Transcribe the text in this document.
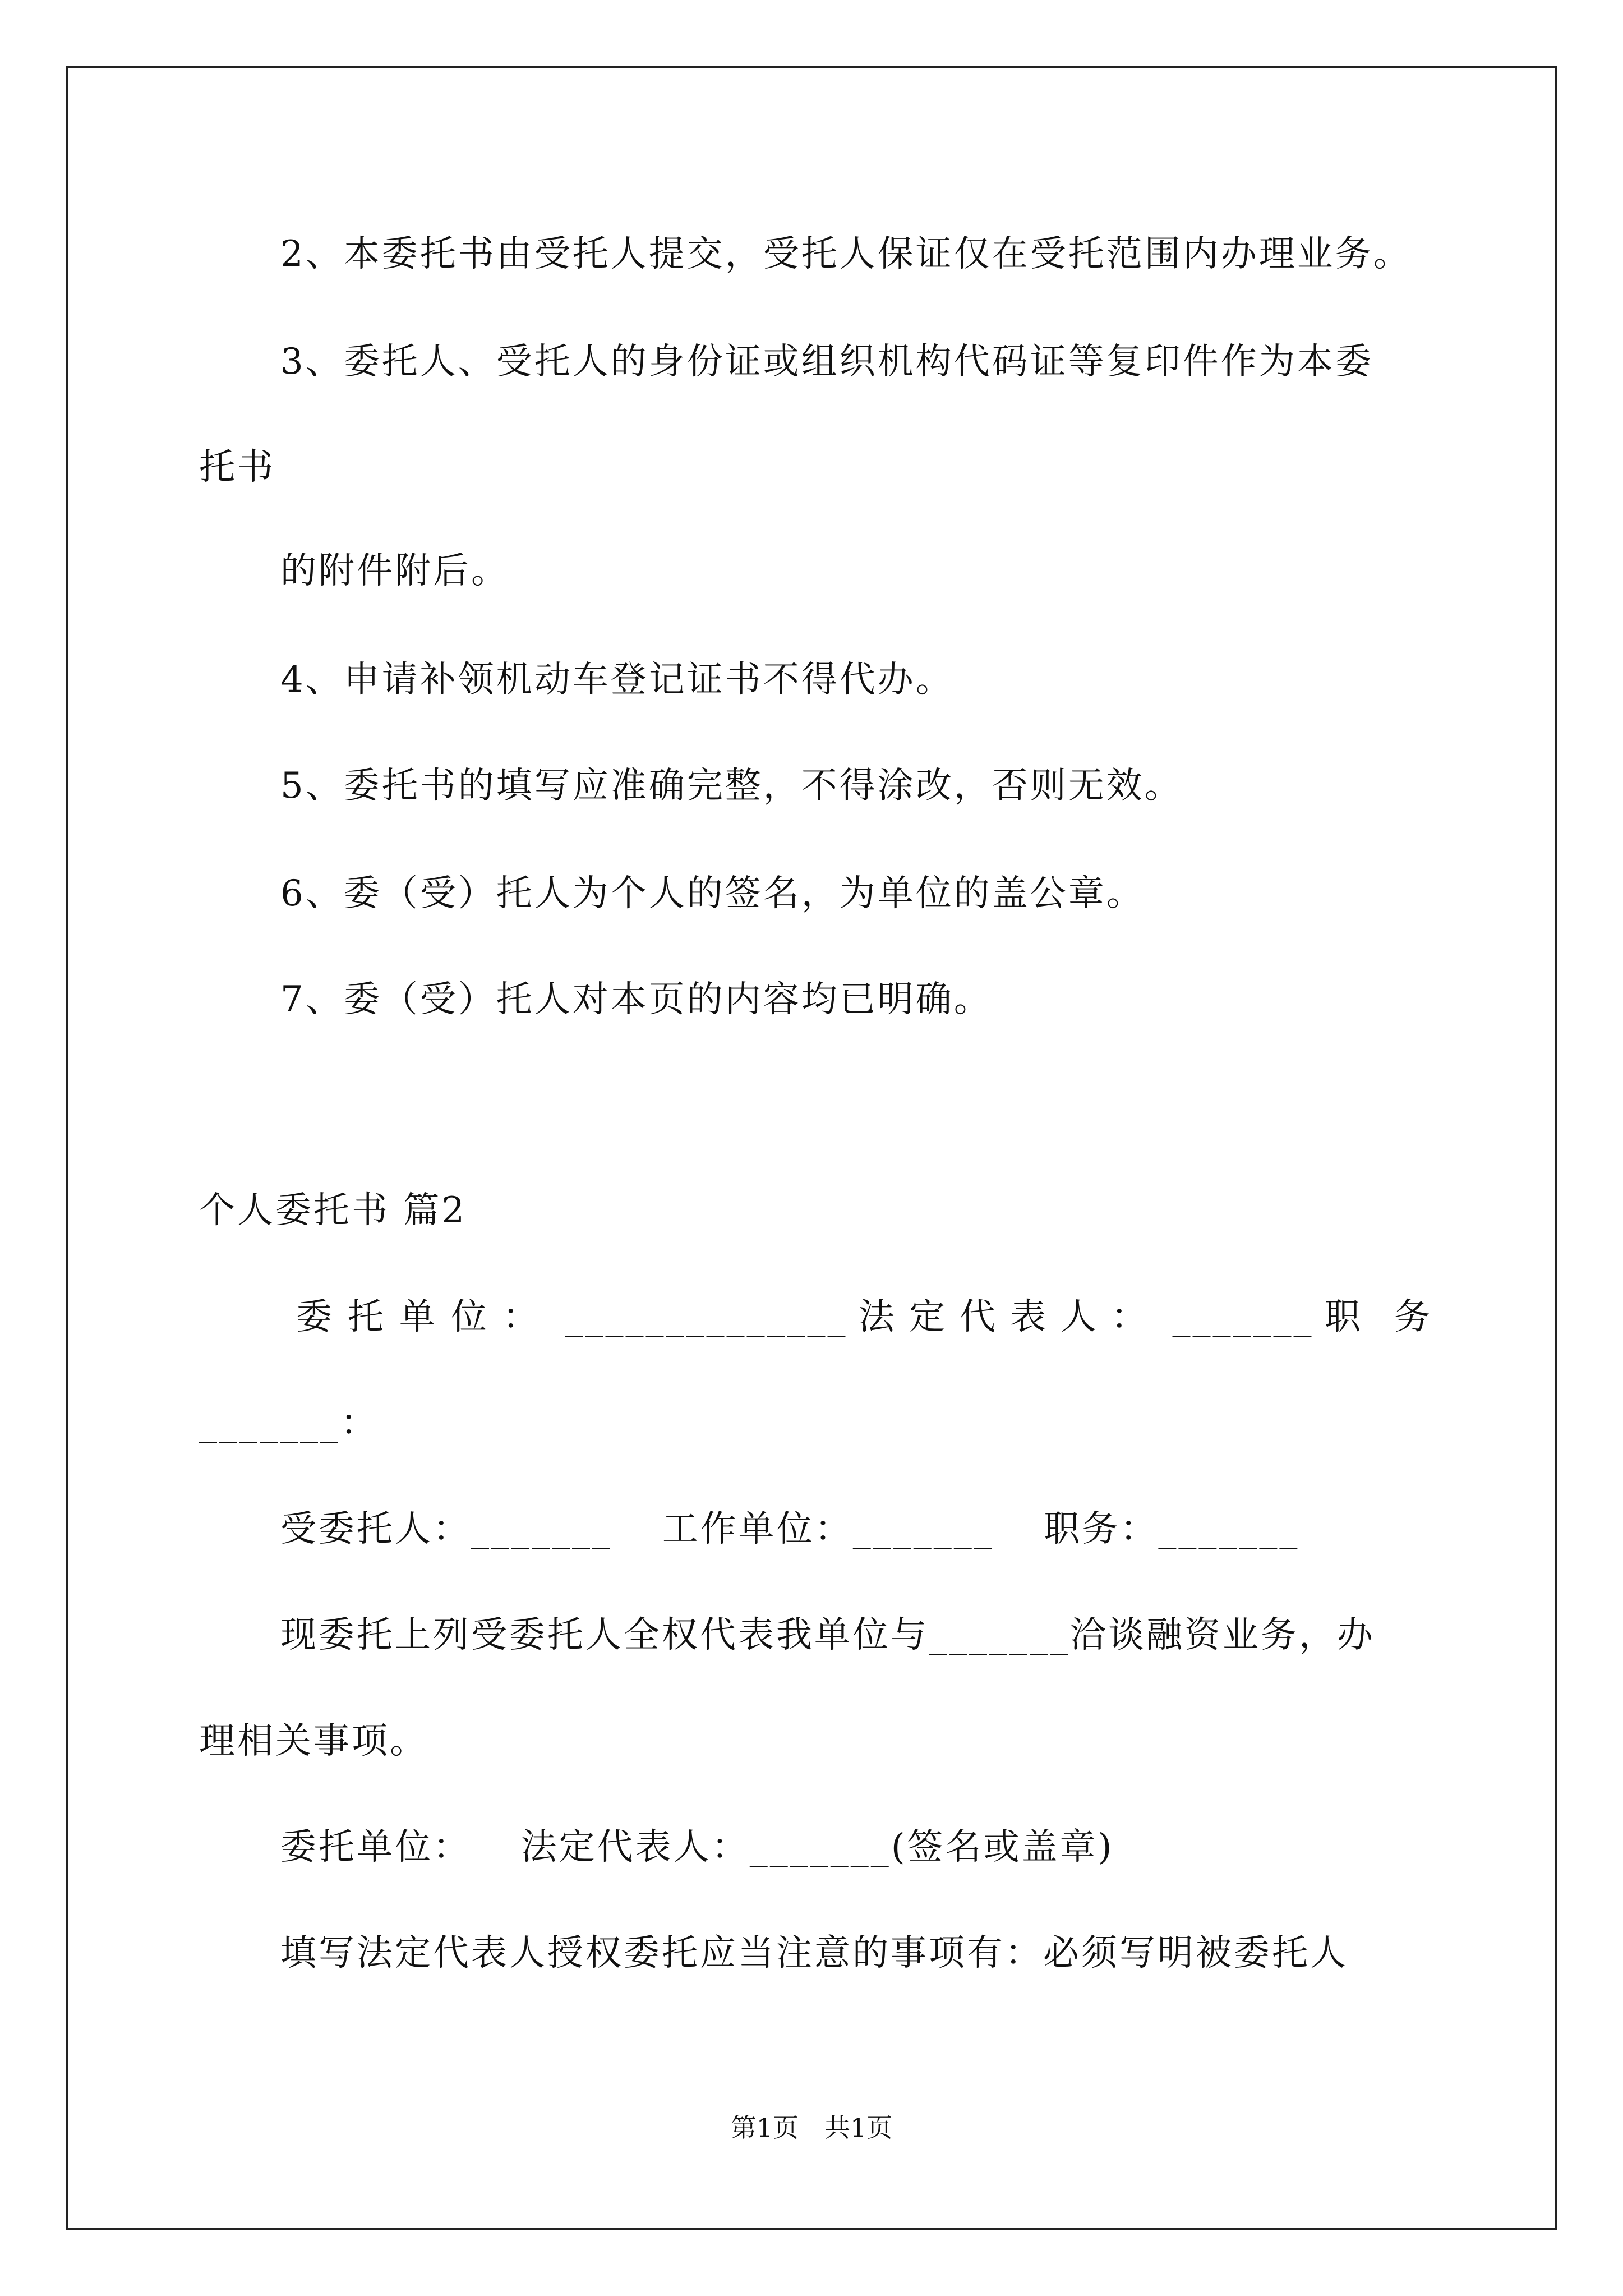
2、本委托书由受托人提交，受托人保证仅在受托范围内办理业务。
3、委托人、受托人的身份证或组织机构代码证等复印件作为本委
托书
的附件附后。
4、申请补领机动车登记证书不得代办。
5、委托书的填写应准确完整，不得涂改，否则无效。
6、委（受）托人为个人的签名，为单位的盖公章。
7、委（受）托人对本页的内容均已明确。
个人委托书 篇2
委托单位： ______________ 法定代表人： _______ 职务
_______：
受委托人：_______ 工作单位：_______ 职务：_______
现委托上列受委托人全权代表我单位与_______洽谈融资业务，办
理相关事项。
委托单位： 法定代表人：_______(签名或盖章)
填写法定代表人授权委托应当注意的事项有：必须写明被委托人
第1页　共1页
